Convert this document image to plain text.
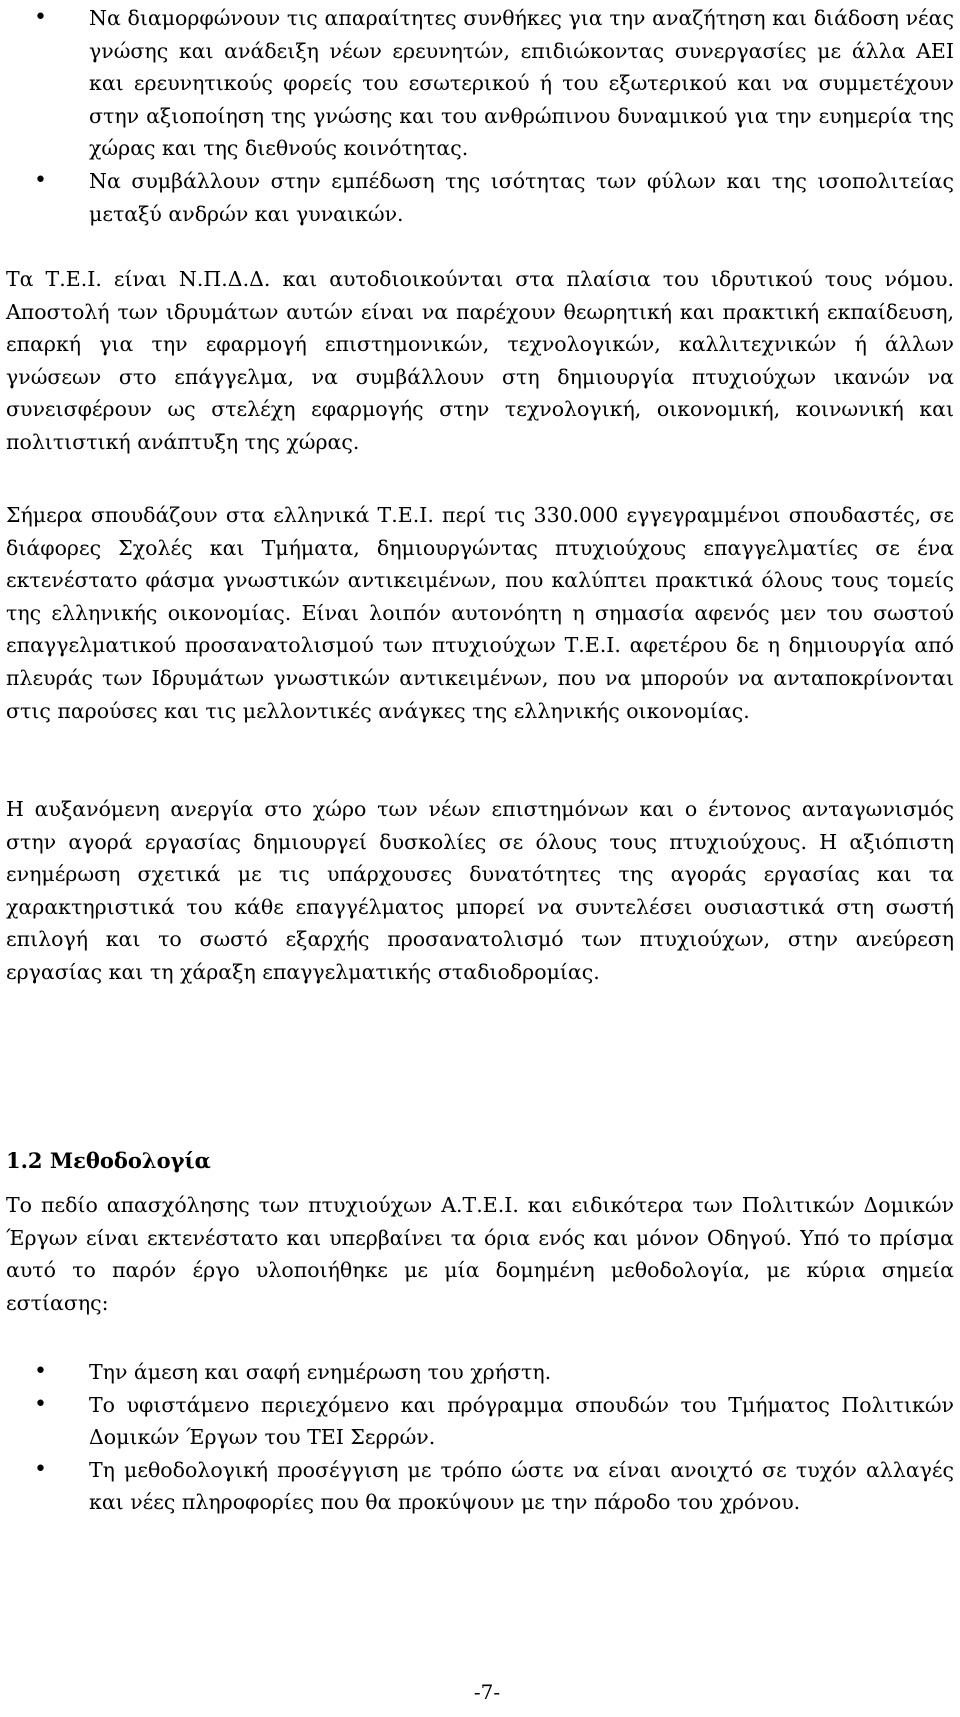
• Να διαμορφώνουν τις απαραίτητες συνθήκες για την αναζήτηση και διάδοση νέας γνώσης και ανάδειξη νέων ερευνητών, επιδιώκοντας συνεργασίες με άλλα ΑΕΙ και ερευνητικούς φορείς του εσωτερικού ή του εξωτερικού και να συμμετέχουν στην αξιοποίηση της γνώσης και του ανθρώπινου δυναμικού για την ευημερία της χώρας και της διεθνούς κοινότητας.
• Να συμβάλλουν στην εμπέδωση της ισότητας των φύλων και της ισοπολιτείας μεταξύ ανδρών και γυναικών.

Τα Τ.Ε.Ι. είναι Ν.Π.Δ.Δ. και αυτοδιοικούνται στα πλαίσια του ιδρυτικού τους νόμου. Αποστολή των ιδρυμάτων αυτών είναι να παρέχουν θεωρητική και πρακτική εκπαίδευση, επαρκή για την εφαρμογή επιστημονικών, τεχνολογικών, καλλιτεχνικών ή άλλων γνώσεων στο επάγγελμα, να συμβάλλουν στη δημιουργία πτυχιούχων ικανών να συνεισφέρουν ως στελέχη εφαρμογής στην τεχνολογική, οικονομική, κοινωνική και πολιτιστική ανάπτυξη της χώρας.

Σήμερα σπουδάζουν στα ελληνικά Τ.Ε.Ι. περί τις 330.000 εγγεγραμμένοι σπουδαστές, σε διάφορες Σχολές και Τμήματα, δημιουργώντας πτυχιούχους επαγγελματίες σε ένα εκτενέστατο φάσμα γνωστικών αντικειμένων, που καλύπτει πρακτικά όλους τους τομείς της ελληνικής οικονομίας. Είναι λοιπόν αυτονόητη η σημασία αφενός μεν του σωστού επαγγελματικού προσανατολισμού των πτυχιούχων Τ.Ε.Ι. αφετέρου δε η δημιουργία από πλευράς των Ιδρυμάτων γνωστικών αντικειμένων, που να μπορούν να ανταποκρίνονται στις παρούσες και τις μελλοντικές ανάγκες της ελληνικής οικονομίας.

Η αυξανόμενη ανεργία στο χώρο των νέων επιστημόνων και ο έντονος ανταγωνισμός στην αγορά εργασίας δημιουργεί δυσκολίες σε όλους τους πτυχιούχους. Η αξιόπιστη ενημέρωση σχετικά με τις υπάρχουσες δυνατότητες της αγοράς εργασίας και τα χαρακτηριστικά του κάθε επαγγέλματος μπορεί να συντελέσει ουσιαστικά στη σωστή επιλογή και το σωστό εξαρχής προσανατολισμό των πτυχιούχων, στην ανεύρεση εργασίας και τη χάραξη επαγγελματικής σταδιοδρομίας.

1.2 Μεθοδολογία

Το πεδίο απασχόλησης των πτυχιούχων Α.Τ.Ε.Ι. και ειδικότερα των Πολιτικών Δομικών Έργων είναι εκτενέστατο και υπερβαίνει τα όρια ενός και μόνον Οδηγού. Υπό το πρίσμα αυτό το παρόν έργο υλοποιήθηκε με μία δομημένη μεθοδολογία, με κύρια σημεία εστίασης:

• Την άμεση και σαφή ενημέρωση του χρήστη.
• Το υφιστάμενο περιεχόμενο και πρόγραμμα σπουδών του Τμήματος Πολιτικών Δομικών Έργων του ΤΕΙ Σερρών.
• Τη μεθοδολογική προσέγγιση με τρόπο ώστε να είναι ανοιχτό σε τυχόν αλλαγές και νέες πληροφορίες που θα προκύψουν με την πάροδο του χρόνου.
-7-
